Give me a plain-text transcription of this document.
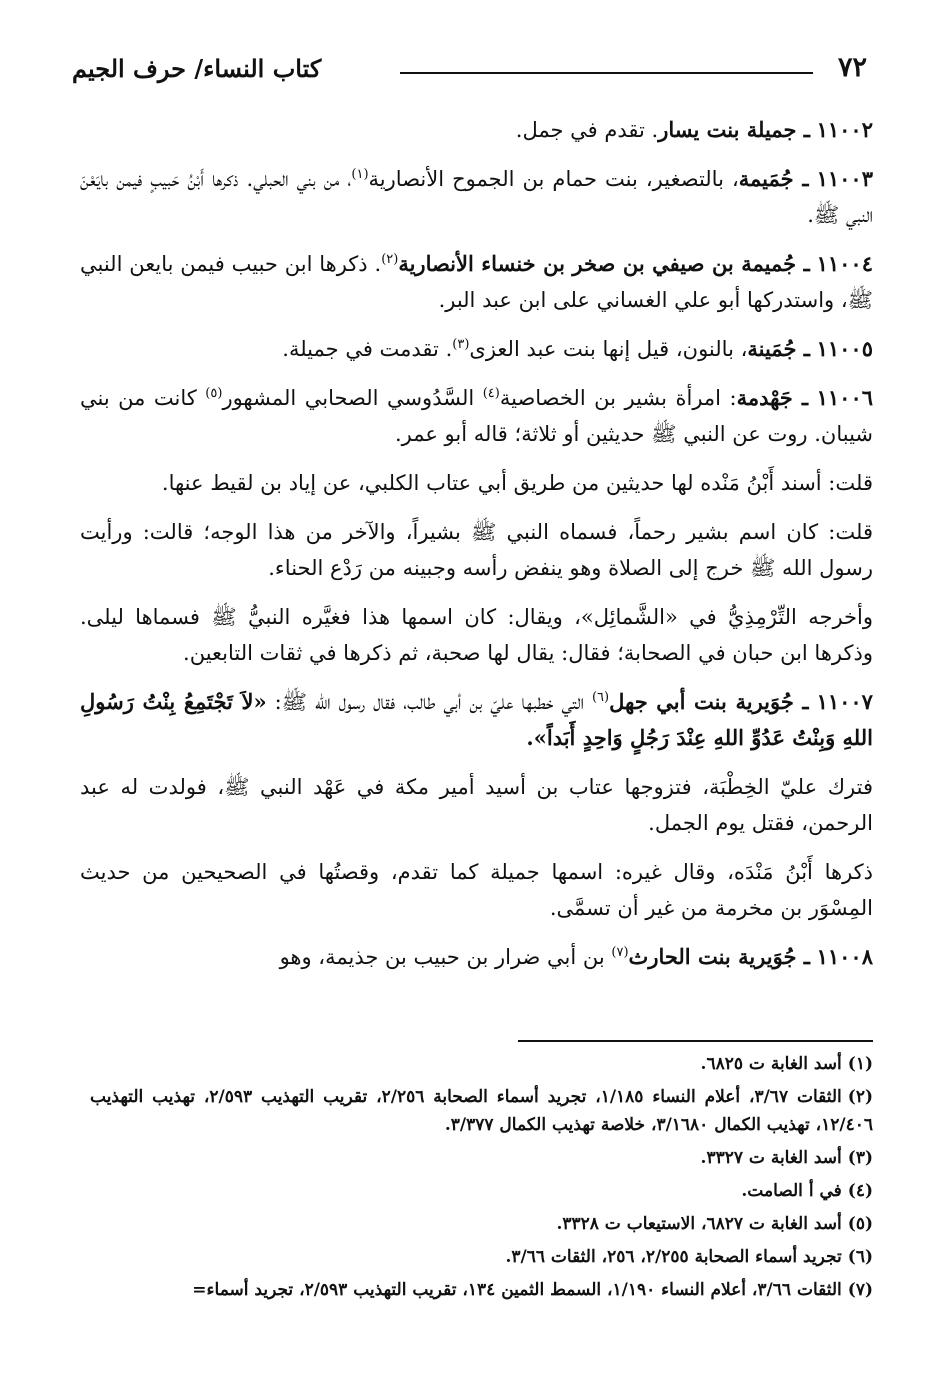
٧٢
كتاب النساء/ حرف الجيم

١١٠٠٢ ـ جميلة بنت يسار. تقدم في جمل.

١١٠٠٣ ـ جُمَيمة، بالتصغير، بنت حمام بن الجموح الأنصارية$^{(١)}$، من بني الحبلي. ذكرها أَبْنُ حَبيبٍ فيمن بايَعْنَ النبي ﷺ.

١١٠٠٤ ـ جُميمة بن صيفي بن صخر بن خنساء الأنصارية$^{(٢)}$. ذكرها ابن حبيب فيمن بايعن النبي ﷺ، واستدركها أبو علي الغساني على ابن عبد البر.

١١٠٠٥ ـ جُمَينة، بالنون، قيل إنها بنت عبد العزى$^{(٣)}$. تقدمت في جميلة.

١١٠٠٦ ـ جَهْدمة: امرأة بشير بن الخصاصية$^{(٤)}$ السَّدُوسي الصحابي المشهور$^{(٥)}$ كانت من بني شيبان. روت عن النبي ﷺ حديثين أو ثلاثة؛ قاله أبو عمر.

قلت: أسند أَبْنُ مَنْده لها حديثين من طريق أبي عتاب الكلبي، عن إياد بن لقيط عنها.

قلت: كان اسم بشير رحماً، فسماه النبي ﷺ بشيراً، والآخر من هذا الوجه؛ قالت: ورأيت رسول الله ﷺ خرج إلى الصلاة وهو ينفض رأسه وجبينه من رَدْع الحناء.

وأخرجه التِّرْمِذِيُّ في «الشَّمائِل»، ويقال: كان اسمها هذا فغيَّره النبيُّ ﷺ فسماها ليلى. وذكرها ابن حبان في الصحابة؛ فقال: يقال لها صحبة، ثم ذكرها في ثقات التابعين.

١١٠٠٧ ـ جُوَيرية بنت أبي جهل$^{(٦)}$ التي خطبها عليّ بن أبي طالب، فقال رسول الله ﷺ: «لاَ تَجْتَمِعُ بِنْتُ رَسُولِ اللهِ وَبِنْتُ عَدُوِّ اللهِ عِنْدَ رَجُلٍ وَاحِدٍ أَبَداً».

فترك عليّ الخِطْبَة، فتزوجها عتاب بن أسيد أمير مكة في عَهْد النبي ﷺ، فولدت له عبد الرحمن، فقتل يوم الجمل.

ذكرها أَبْنُ مَنْدَه، وقال غيره: اسمها جميلة كما تقدم، وقصتُها في الصحيحين من حديث المِسْوَر بن مخرمة من غير أن تسمَّى.

١١٠٠٨ ـ جُوَيرية بنت الحارث$^{(٧)}$ بن أبي ضرار بن حبيب بن جذيمة، وهو

(١)أسد الغابة ت ٦٨٢٥.

(٢)الثقات ٣/٦٧، أعلام النساء ١/١٨٥، تجريد أسماء الصحابة ٢/٢٥٦، تقريب التهذيب ٢/٥٩٣، تهذيب التهذيب ١٢/٤٠٦، تهذيب الكمال ٣/١٦٨٠، خلاصة تهذيب الكمال ٣/٣٧٧.

(٣)أسد الغابة ت ٣٣٢٧.

(٤)في أ الصامت.

(٥)أسد الغابة ت ٦٨٢٧، الاستيعاب ت ٣٣٢٨.

(٦)تجريد أسماء الصحابة ٢/٢٥٥، ٢٥٦، الثقات ٣/٦٦.

(٧)الثقات ٣/٦٦، أعلام النساء ١/١٩٠، السمط الثمين ١٣٤، تقريب التهذيب ٢/٥٩٣، تجريد أسماء=
